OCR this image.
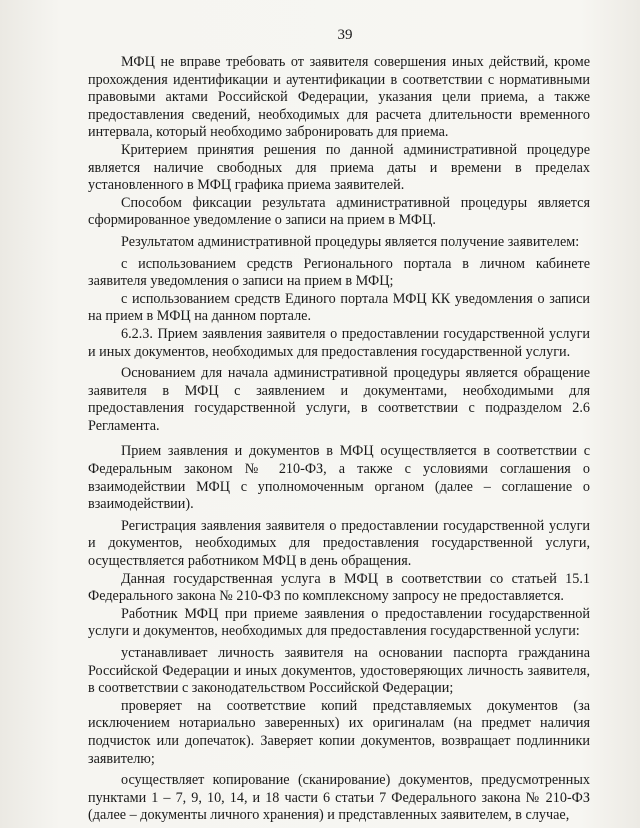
39

МФЦ не вправе требовать от заявителя совершения иных действий, кроме прохождения идентификации и аутентификации в соответствии с нормативными правовыми актами Российской Федерации, указания цели приема, а также предоставления сведений, необходимых для расчета длительности временного интервала, который необходимо забронировать для приема.

Критерием принятия решения по данной административной процедуре является наличие свободных для приема даты и времени в пределах установленного в МФЦ графика приема заявителей.

Способом фиксации результата административной процедуры является сформированное уведомление о записи на прием в МФЦ.

Результатом административной процедуры является получение заявителем:

с использованием средств Регионального портала в личном кабинете заявителя уведомления о записи на прием в МФЦ;

с использованием средств Единого портала МФЦ КК уведомления о записи на прием в МФЦ на данном портале.

6.2.3. Прием заявления заявителя о предоставлении государственной услуги и иных документов, необходимых для предоставления государственной услуги.

Основанием для начала административной процедуры является обращение заявителя в МФЦ с заявлением и документами, необходимыми для предоставления государственной услуги, в соответствии с подразделом 2.6 Регламента.

Прием заявления и документов в МФЦ осуществляется в соответствии с Федеральным законом № 210-ФЗ, а также с условиями соглашения о взаимодействии МФЦ с уполномоченным органом (далее – соглашение о взаимодействии).

Регистрация заявления заявителя о предоставлении государственной услуги и документов, необходимых для предоставления государственной услуги, осуществляется работником МФЦ в день обращения.

Данная государственная услуга в МФЦ в соответствии со статьей 15.1 Федерального закона № 210-ФЗ по комплексному запросу не предоставляется.

Работник МФЦ при приеме заявления о предоставлении государственной услуги и документов, необходимых для предоставления государственной услуги:

устанавливает личность заявителя на основании паспорта гражданина Российской Федерации и иных документов, удостоверяющих личность заявителя, в соответствии с законодательством Российской Федерации;

проверяет на соответствие копий представляемых документов (за исключением нотариально заверенных) их оригиналам (на предмет наличия подчисток или допечаток). Заверяет копии документов, возвращает подлинники заявителю;

осуществляет копирование (сканирование) документов, предусмотренных пунктами 1 – 7, 9, 10, 14, и 18 части 6 статьи 7 Федерального закона № 210-ФЗ (далее – документы личного хранения) и представленных заявителем, в случае,
